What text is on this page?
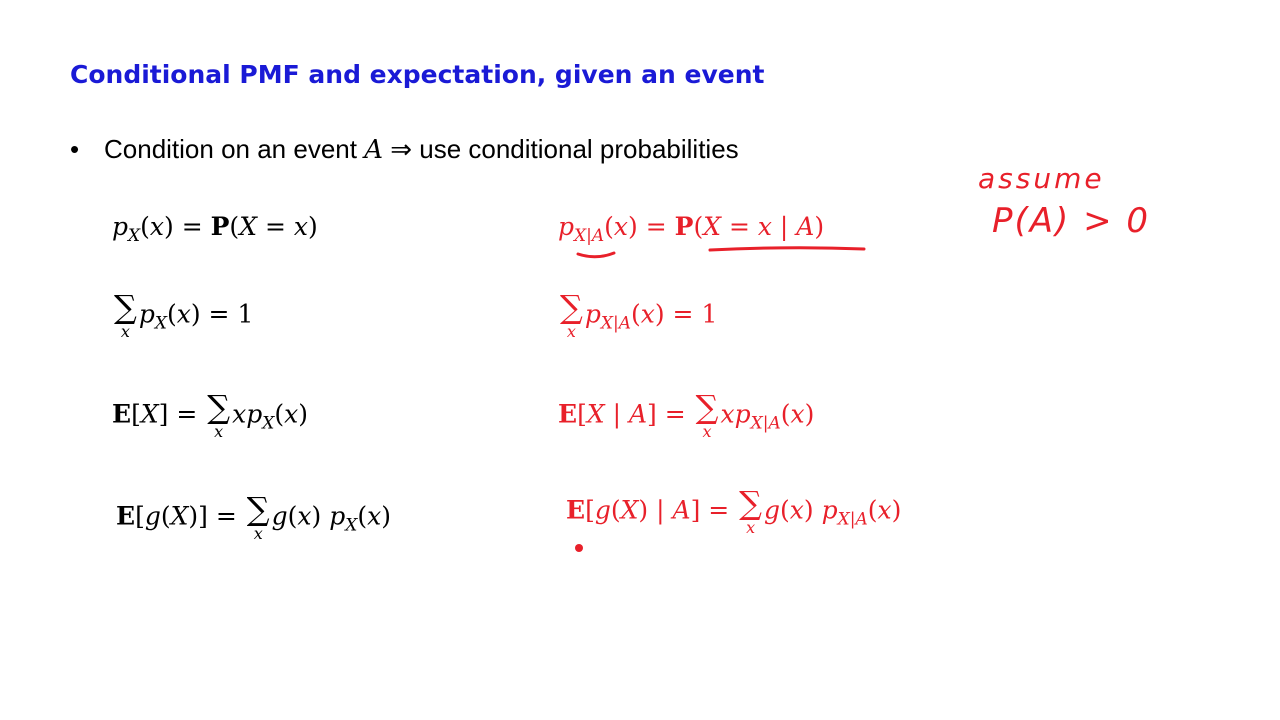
Conditional PMF and expectation, given an event
• Condition on an event A ⇒ use conditional probabilities
$p_X(x) = P(X = x)$
∑
x
$p_X(x) = 1$
E[X] = ∑
x
$xp_X(x)$
E[g(X)] = ∑
x
g(x) $p_X(x)$
$p_{X|A}(x) = P(X = x$ | A)
∑
x
$p_{X|A}(x) = 1$
E[X | A] = ∑
x
$xp_{X|A}(x)$
E[g(X) | A] = ∑
x
g(x) $p_{X|A}(x)$
assume
P(A) > 0
